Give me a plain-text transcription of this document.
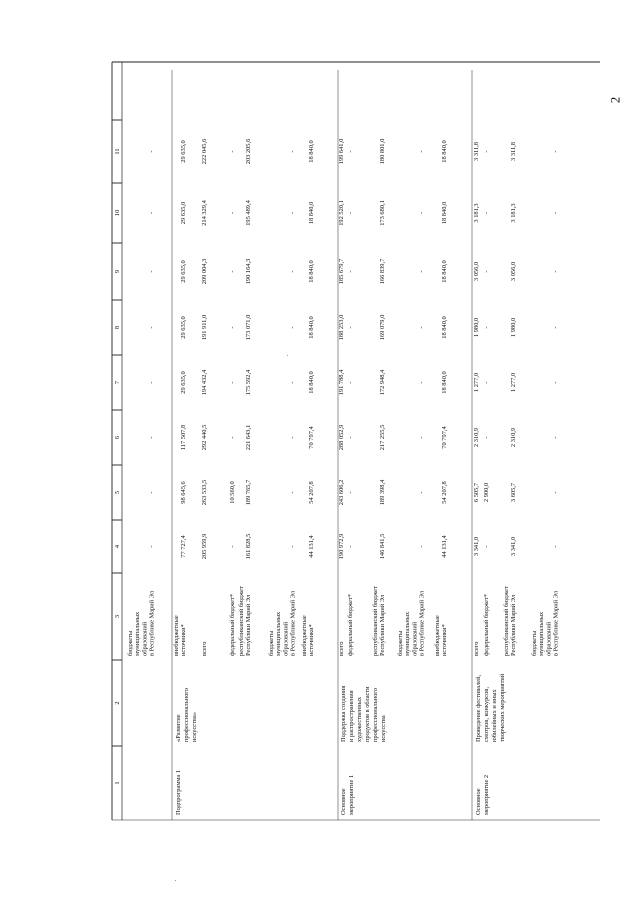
1
2
3
4
5
6
7
8
9
10
11
бюджеты муниципальных образований в Республике Марий Эл
-
-
-
-
-
-
-
-
Подпрограмма 1
«Развитие профессионального искусства»
внебюджетные источники*
77 727,4
98 645,6
117 507,8
29 635,0
29 635,0
29 635,0
29 635,0
29 635,0
всего
205 959,9
263 533,5
292 440,5
194 432,4
191 911,0
209 004,3
214 329,4
222 045,6
федеральный бюджет*
-
10 560,0
-
-
-
-
-
-
республиканский бюджет Республики Марий Эл
161 828,5
189 765,7
221 643,1
175 592,4
173 071,0
190 164,3
195 489,4
203 205,6
бюджеты муниципальных образований в Республике Марий Эл
-
-
-
-
-
-
-
-
внебюджетные источники*
44 131,4
54 207,8
70 797,4
18 840,0
18 840,0
18 840,0
18 840,0
18 840,0
Основное мероприятие 1
Поддержка создания и распространения художественных продуктов в области профессионального искусства
всего
190 972,9
243 606,2
288 052,9
191 788,4
188 253,0
185 679,7
192 520,1
199 641,0
федеральный бюджет*
-
-
-
-
-
-
-
-
республиканский бюджет Республики Марий Эл
146 841,5
189 398,4
217 255,5
172 948,4
169 079,0
166 839,7
173 680,1
180 801,0
бюджеты муниципальных образований в Республике Марий Эл
-
-
-
-
-
-
-
-
внебюджетные источники*
44 131,4
54 207,8
70 797,4
18 840,0
18 840,0
18 840,0
18 840,0
18 840,0
Основное мероприятие 2
Проведение фестивалей, смотров, конкурсов, юбилейных и иных творческих мероприятий
всего
3 341,0
6 505,7
2 310,9
1 277,0
1 980,0
3 056,0
3 181,3
3 311,8
федеральный бюджет*
-
2 900,0
-
-
-
-
-
-
республиканский бюджет Республики Марий Эл
3 341,0
3 605,7
2 310,9
1 277,0
1 980,0
3 056,0
3 181,3
3 311,8
бюджеты муниципальных образований в Республике Марий Эл
-
-
-
-
-
-
-
-
2
